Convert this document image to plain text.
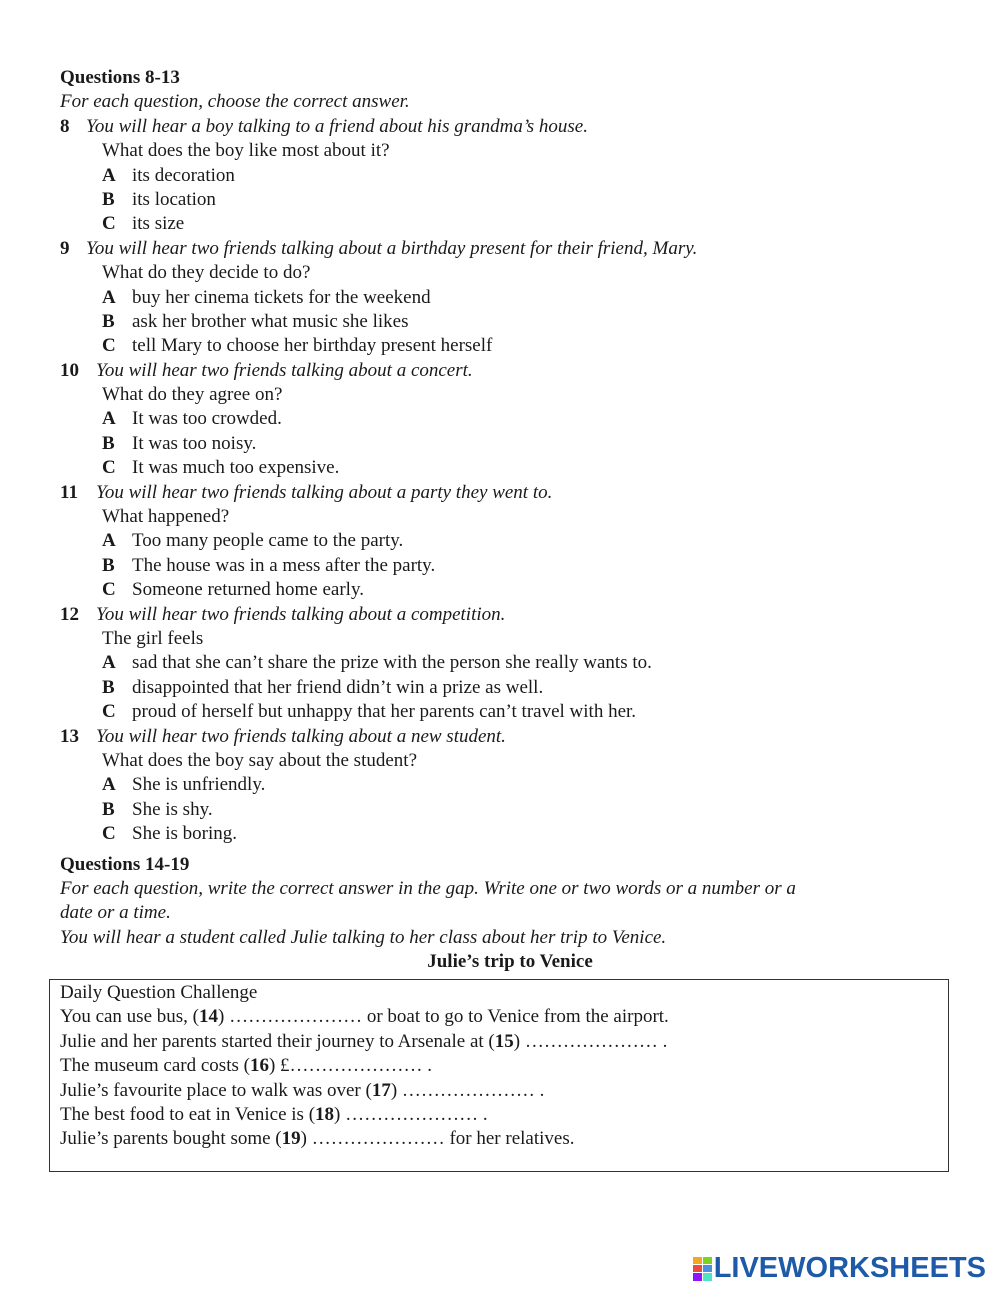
Questions 8-13
For each question, choose the correct answer.
8 You will hear a boy talking to a friend about his grandma’s house.
What does the boy like most about it?
A its decoration
B its location
C its size
9 You will hear two friends talking about a birthday present for their friend, Mary.
What do they decide to do?
A buy her cinema tickets for the weekend
B ask her brother what music she likes
C tell Mary to choose her birthday present herself
10 You will hear two friends talking about a concert.
What do they agree on?
A It was too crowded.
B It was too noisy.
C It was much too expensive.
11 You will hear two friends talking about a party they went to.
What happened?
A Too many people came to the party.
B The house was in a mess after the party.
C Someone returned home early.
12 You will hear two friends talking about a competition.
The girl feels
A sad that she can’t share the prize with the person she really wants to.
B disappointed that her friend didn’t win a prize as well.
C proud of herself but unhappy that her parents can’t travel with her.
13 You will hear two friends talking about a new student.
What does the boy say about the student?
A She is unfriendly.
B She is shy.
C She is boring.
Questions 14-19
For each question, write the correct answer in the gap. Write one or two words or a number or a
date or a time.
You will hear a student called Julie talking to her class about her trip to Venice.
Julie’s trip to Venice
Daily Question Challenge
You can use bus, (14) ………………… or boat to go to Venice from the airport.
Julie and her parents started their journey to Arsenale at (15) ………………… .
The museum card costs (16) £………………… .
Julie’s favourite place to walk was over (17) ………………… .
The best food to eat in Venice is (18) ………………… .
Julie’s parents bought some (19) ………………… for her relatives.
LIVEWORKSHEETS
